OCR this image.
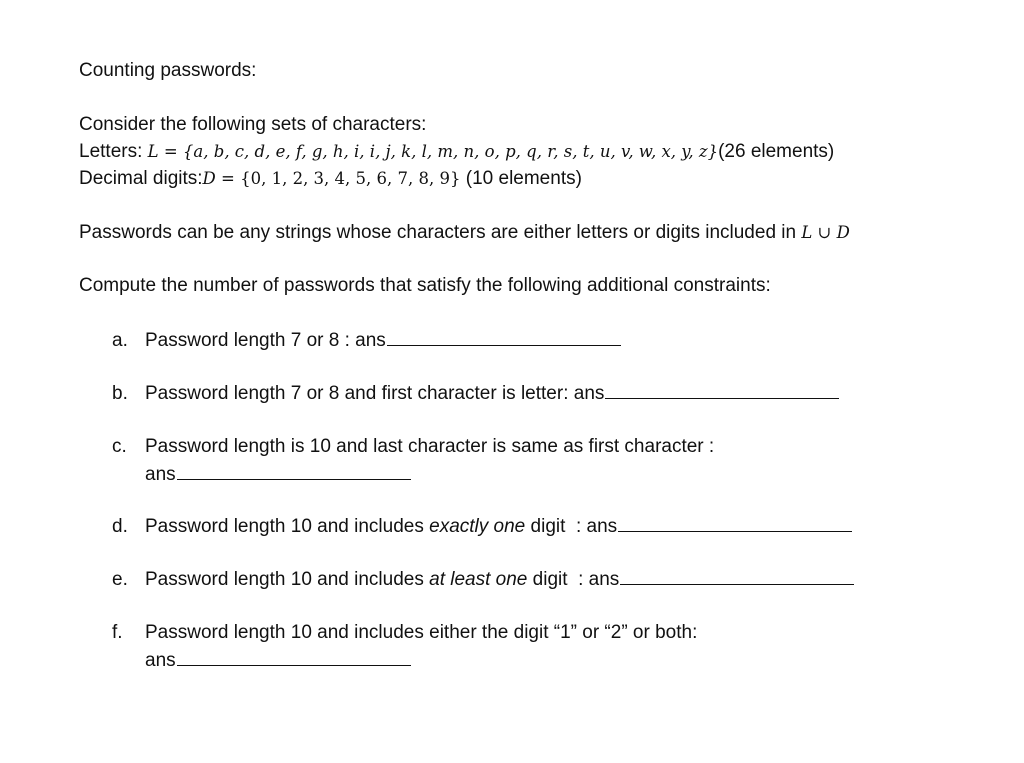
Counting passwords:
Consider the following sets of characters:
Letters: L = {a, b, c, d, e, f, g, h, i, i, j, k, l, m, n, o, p, q, r, s, t, u, v, w, x, y, z}(26 elements)
Decimal digits:D = {0, 1, 2, 3, 4, 5, 6, 7, 8, 9} (10 elements)
Passwords can be any strings whose characters are either letters or digits included in L ∪ D
Compute the number of passwords that satisfy the following additional constraints:
a. Password length 7 or 8 : ans
b. Password length 7 or 8 and first character is letter: ans
c. Password length is 10 and last character is same as first character :
ans
d. Password length 10 and includes exactly one digit  : ans
e. Password length 10 and includes at least one digit  : ans
f. Password length 10 and includes either the digit “1” or “2” or both:
ans
